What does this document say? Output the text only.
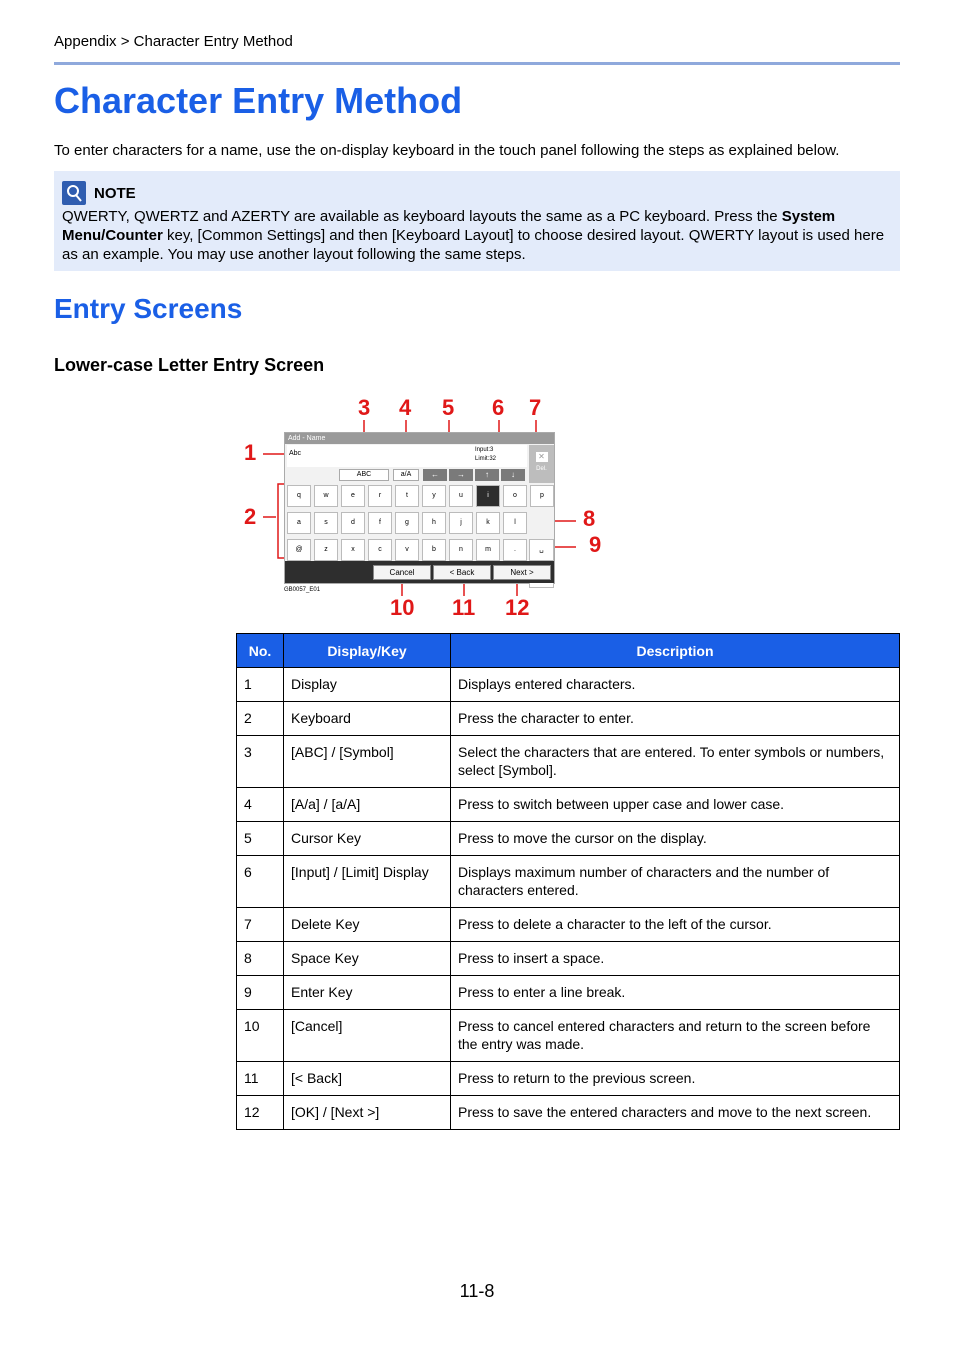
Appendix > Character Entry Method
Character Entry Method
To enter characters for a name, use the on-display keyboard in the touch panel following the steps as explained below.
NOTE
QWERTY, QWERTZ and AZERTY are available as keyboard layouts the same as a PC keyboard. Press the System Menu/Counter key, [Common Settings] and then [Keyboard Layout] to choose desired layout. QWERTY layout is used here as an example. You may use another layout following the same steps.
Entry Screens
Lower-case Letter Entry Screen
Add - Name
Abc	Input:3
Limit:32	✕
Del.
ABC	a/A	←	→	↑	↓
q	w	e	r	t	y	u	i	o	p
a	s	d	f	g	h	j	k	l
@	z	x	c	v	b	n	m	.	␣
Cancel	< Back	Next >
GB0057_E01
1
2
3 4 5 6 7
8
9
10 11 12
No.	Display/Key	Description
1	Display	Displays entered characters.
2	Keyboard	Press the character to enter.
3	[ABC] / [Symbol]	Select the characters that are entered. To enter symbols or numbers, select [Symbol].
4	[A/a] / [a/A]	Press to switch between upper case and lower case.
5	Cursor Key	Press to move the cursor on the display.
6	[Input] / [Limit] Display	Displays maximum number of characters and the number of characters entered.
7	Delete Key	Press to delete a character to the left of the cursor.
8	Space Key	Press to insert a space.
9	Enter Key	Press to enter a line break.
10	[Cancel]	Press to cancel entered characters and return to the screen before the entry was made.
11	[< Back]	Press to return to the previous screen.
12	[OK] / [Next >]	Press to save the entered characters and move to the next screen.
11-8
